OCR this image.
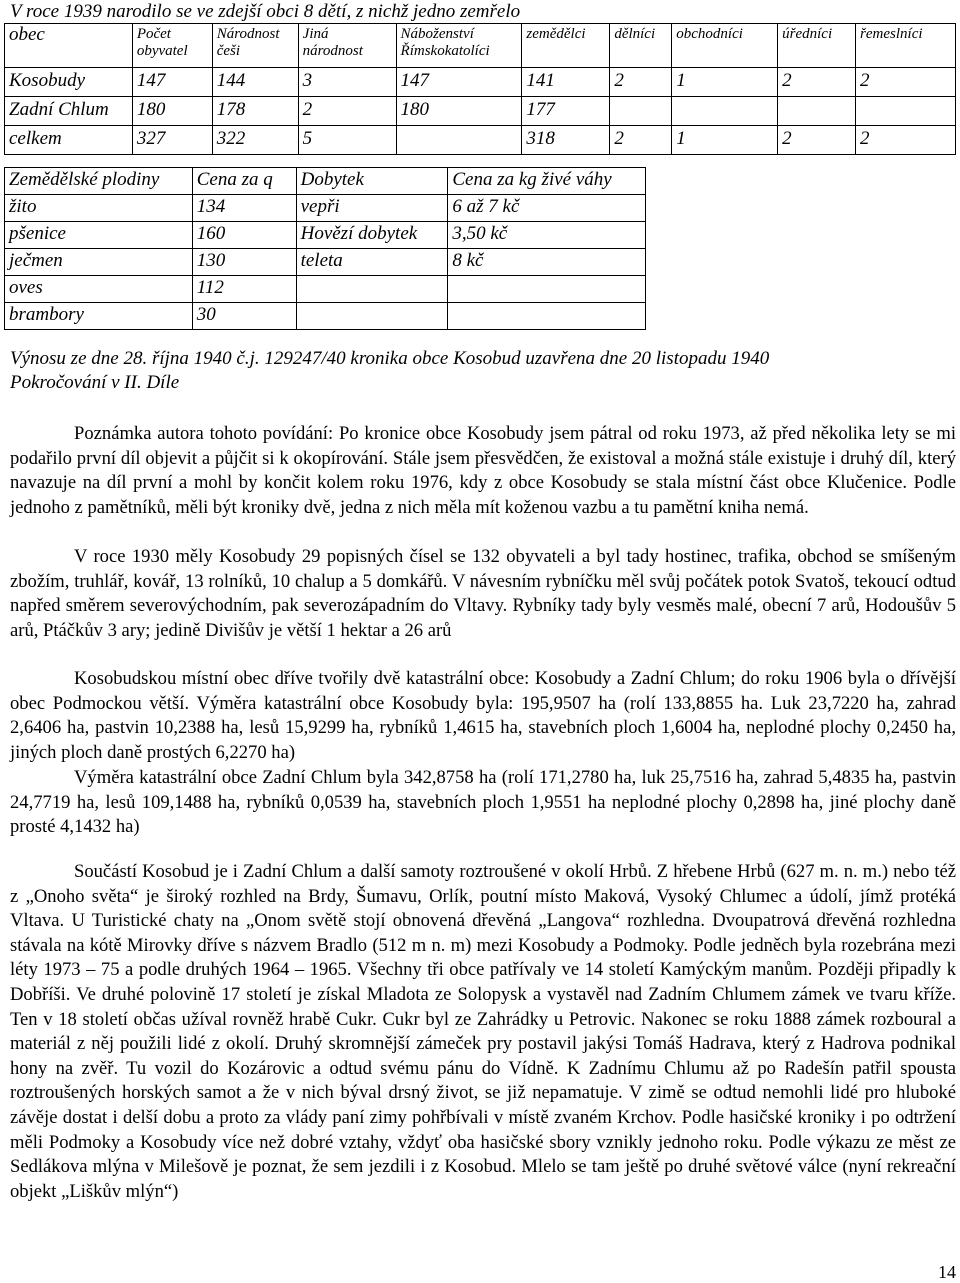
V roce 1939 narodilo se ve zdejší obci 8 dětí, z nichž jedno zemřelo
obec	Počet obyvatel	Národnost češi	Jiná národnost	Náboženství Římskokatolíci	zemědělci	dělníci	obchodníci	úředníci	řemeslníci
Kosobudy	147	144	3	147	141	2	1	2	2
Zadní Chlum	180	178	2	180	177				
celkem	327	322	5		318	2	1	2	2
Zemědělské plodiny	Cena za q	Dobytek	Cena za kg živé váhy
žito	134	vepři	6 až 7 kč
pšenice	160	Hovězí dobytek	3,50 kč
ječmen	130	teleta	8 kč
oves	112		
brambory	30		
Výnosu ze dne 28. října 1940 č.j. 129247/40 kronika obce Kosobud uzavřena dne 20 listopadu 1940
Pokročování v II. Díle
Poznámka autora tohoto povídání: Po kronice obce Kosobudy jsem pátral od roku 1973, až před několika lety se mi podařilo první díl objevit a půjčit si k okopírování. Stále jsem přesvědčen, že existoval a možná stále existuje i druhý díl, který navazuje na díl první a mohl by končit kolem roku 1976, kdy z obce Kosobudy se stala místní část obce Klučenice. Podle jednoho z pamětníků, měli být kroniky dvě, jedna z nich měla mít koženou vazbu a tu pamětní kniha nemá.
V roce 1930 měly Kosobudy 29 popisných čísel se 132 obyvateli a byl tady hostinec, trafika, obchod se smíšeným zbožím, truhlář, kovář, 13 rolníků, 10 chalup a 5 domkářů. V návesním rybníčku měl svůj počátek potok Svatoš, tekoucí odtud napřed směrem severovýchodním, pak severozápadním do Vltavy. Rybníky tady byly vesměs malé, obecní 7 arů, Hodoušův 5 arů, Ptáčkův 3 ary; jedině Divišův je větší 1 hektar a 26 arů
Kosobudskou místní obec dříve tvořily dvě katastrální obce: Kosobudy a Zadní Chlum; do roku 1906 byla o dřívější obec Podmockou větší. Výměra katastrální obce Kosobudy byla: 195,9507 ha (rolí 133,8855 ha. Luk 23,7220 ha, zahrad 2,6406 ha, pastvin 10,2388 ha, lesů 15,9299 ha, rybníků 1,4615 ha, stavebních ploch 1,6004 ha, neplodné plochy 0,2450 ha, jiných ploch daně prostých 6,2270 ha)
Výměra katastrální obce Zadní Chlum byla 342,8758 ha (rolí 171,2780 ha, luk 25,7516 ha, zahrad 5,4835 ha, pastvin 24,7719 ha, lesů 109,1488 ha, rybníků 0,0539 ha, stavebních ploch 1,9551 ha neplodné plochy 0,2898 ha, jiné plochy daně prosté 4,1432 ha)
Součástí Kosobud je i Zadní Chlum a další samoty roztroušené v okolí Hrbů. Z hřebene Hrbů (627 m. n. m.) nebo též z „Onoho světa“ je široký rozhled na Brdy, Šumavu, Orlík, poutní místo Maková, Vysoký Chlumec a údolí, jímž protéká Vltava. U Turistické chaty na „Onom světě stojí obnovená dřevěná „Langova“ rozhledna. Dvoupatrová dřevěná rozhledna stávala na kótě Mirovky dříve s názvem Bradlo (512 m n. m) mezi Kosobudy a Podmoky. Podle jedněch byla rozebrána mezi léty 1973 – 75 a podle druhých 1964 – 1965. Všechny tři obce patřívaly ve 14 století Kamýckým manům. Později připadly k Dobříši. Ve druhé polovině 17 století je získal Mladota ze Solopysk a vystavěl nad Zadním Chlumem zámek ve tvaru kříže. Ten v 18 století občas užíval rovněž hrabě Cukr. Cukr byl ze Zahrádky u Petrovic. Nakonec se roku 1888 zámek rozboural a materiál z něj použili lidé z okolí. Druhý skromnější zámeček pry postavil jakýsi Tomáš Hadrava, který z Hadrova podnikal hony na zvěř. Tu vozil do Kozárovic a odtud svému pánu do Vídně. K Zadnímu Chlumu až po Radešín patřil spousta roztroušených horských samot a že v nich býval drsný život, se již nepamatuje. V zimě se odtud nemohli lidé pro hluboké závěje dostat i delší dobu a proto za vlády paní zimy pohřbívali v místě zvaném Krchov. Podle hasičské kroniky i po odtržení měli Podmoky a Kosobudy více než dobré vztahy, vždyť oba hasičské sbory vznikly jednoho roku. Podle výkazu ze měst ze Sedlákova mlýna v Milešově je poznat, že sem jezdili i z Kosobud. Mlelo se tam ještě po druhé světové válce (nyní rekreační objekt „Liškův mlýn“)
14
